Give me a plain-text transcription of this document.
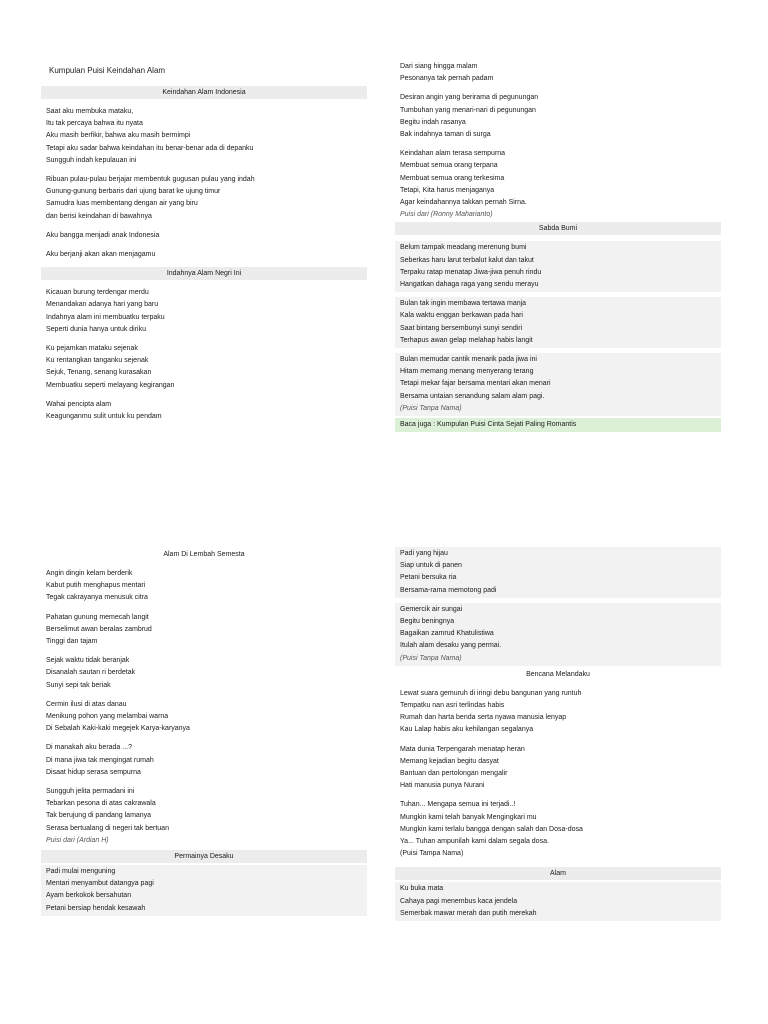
Kumpulan Puisi Keindahan Alam
Keindahan Alam Indonesia
Saat aku membuka mataku,
Itu tak percaya bahwa itu nyata
Aku masih berfikir, bahwa aku masih bermimpi
Tetapi aku sadar bahwa keindahan itu benar-benar ada di depanku
Sungguh indah kepulauan ini
Ribuan pulau-pulau berjajar membentuk gugusan pulau yang indah
Gunung-gunung berbaris dari ujung barat ke ujung timur
Samudra luas membentang dengan air yang biru
dan berisi keindahan di bawahnya
Aku bangga menjadi anak Indonesia
Aku berjanji akan akan menjagamu
Indahnya Alam Negri Ini
Kicauan burung terdengar merdu
Menandakan adanya hari yang baru
Indahnya alam ini membuatku terpaku
Seperti dunia hanya untuk diriku
Ku pejamkan mataku sejenak
Ku rentangkan tanganku sejenak
Sejuk, Tenang, senang kurasakan
Membuatku seperti melayang kegirangan
Wahai pencipta alam
Keagunganmu sulit untuk ku pendam
Dari siang hingga malam
Pesonanya tak pernah padam
Desiran angin yang berirama di pegunungan
Tumbuhan yang menari-nari di pegunungan
Begitu indah rasanya
Bak indahnya taman di surga
Keindahan alam terasa sempurna
Membuat semua orang terpana
Membuat semua orang terkesima
Tetapi, Kita harus menjaganya
Agar keindahannya takkan pernah Sirna.
Puisi dari (Ronny Maharianto)
Sabda Bumi
Belum tampak meadang merenung bumi
Seberkas haru larut terbalut kalut dan takut
Terpaku ratap menatap Jiwa-jiwa penuh rindu
Hangatkan dahaga raga yang sendu merayu
Bulan tak ingin membawa tertawa manja
Kala waktu enggan berkawan pada hari
Saat bintang bersembunyi sunyi sendiri
Terhapus awan gelap melahap habis langit
Bulan memudar cantik menarik pada jiwa ini
Hitam memang menang menyerang terang
Tetapi mekar fajar bersama mentari akan menari
Bersama untaian senandung salam alam pagi.
(Puisi Tanpa Nama)
Baca juga : Kumpulan Puisi Cinta Sejati Paling Romantis
Alam Di Lembah Semesta
Angin dingin kelam berderik
Kabut putih menghapus mentari
Tegak cakrayanya menusuk citra
Pahatan gunung memecah langit
Berselimut awan beralas zambrud
Tinggi dan tajam
Sejak waktu tidak beranjak
Disanalah sautan ri berdetak
Sunyi sepi tak beriak
Cermin ilusi di atas danau
Menikung pohon yang melambai warna
Di Sebalah Kaki-kaki megejek Karya-karyanya
Di manakah aku berada ...?
Di mana jiwa tak mengingat rumah
Disaat hidup serasa sempurna
Sungguh jelita permadani ini
Tebarkan pesona di atas cakrawala
Tak berujung di pandang lamanya
Serasa bertualang di negeri tak bertuan
Puisi dari (Ardian H)
Permainya Desaku
Padi mulai menguning
Mentari menyambut datangya pagi
Ayam berkokok bersahutan
Petani bersiap hendak kesawah
Padi yang hijau
Siap untuk di panen
Petani bersuka ria
Bersama-rama memotong padi
Gemercik air sungai
Begitu beningnya
Bagaikan zamrud Khatulistiwa
Itulah alam desaku yang permai.
(Puisi Tanpa Nama)
Bencana Melandaku
Lewat suara gemuruh di iringi debu bangunan yang runtuh
Tempatku nan asri terlindas habis
Rumah dan harta benda serta nyawa manusia lenyap
Kau Lalap habis aku kehilangan segalanya
Mata dunia Terpengarah menatap heran
Memang kejadian begitu dasyat
Bantuan dan pertolongan mengalir
Hati manusia punya Nurani
Tuhan... Mengapa semua ini terjadi..!
Mungkin kami telah banyak Mengingkari mu
Mungkin kami terlalu bangga dengan salah dan Dosa-dosa
Ya... Tuhan ampunilah kami dalam segala dosa.
(Puisi Tampa Nama)
Alam
Ku buka mata
Cahaya pagi menembus kaca jendela
Semerbak mawar merah dan putih merekah
